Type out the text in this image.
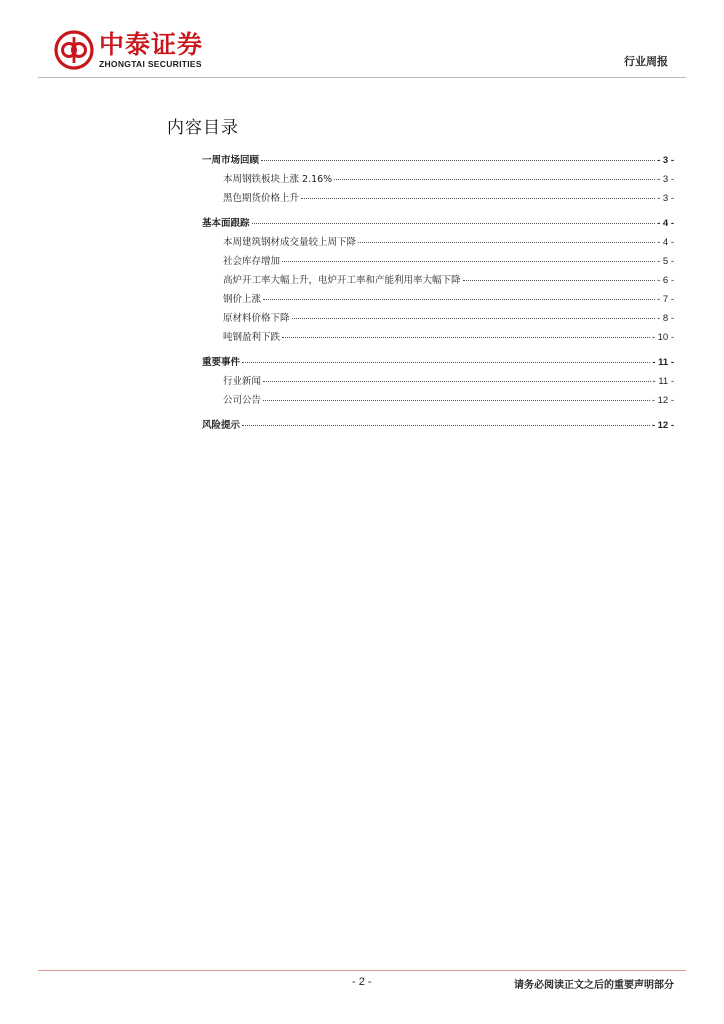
中泰证券
ZHONGTAI SECURITIES	行业周报
内容目录
一周市场回顾	- 3 -
本周钢铁板块上涨 2.16%	- 3 -
黑色期货价格上升	- 3 -
基本面跟踪	- 4 -
本周建筑钢材成交量较上周下降	- 4 -
社会库存增加	- 5 -
高炉开工率大幅上升，电炉开工率和产能利用率大幅下降	- 6 -
钢价上涨	- 7 -
原材料价格下降	- 8 -
吨钢盈利下跌	- 10 -
重要事件	- 11 -
行业新闻	- 11 -
公司公告	- 12 -
风险提示	- 12 -
- 2 -	请务必阅读正文之后的重要声明部分
